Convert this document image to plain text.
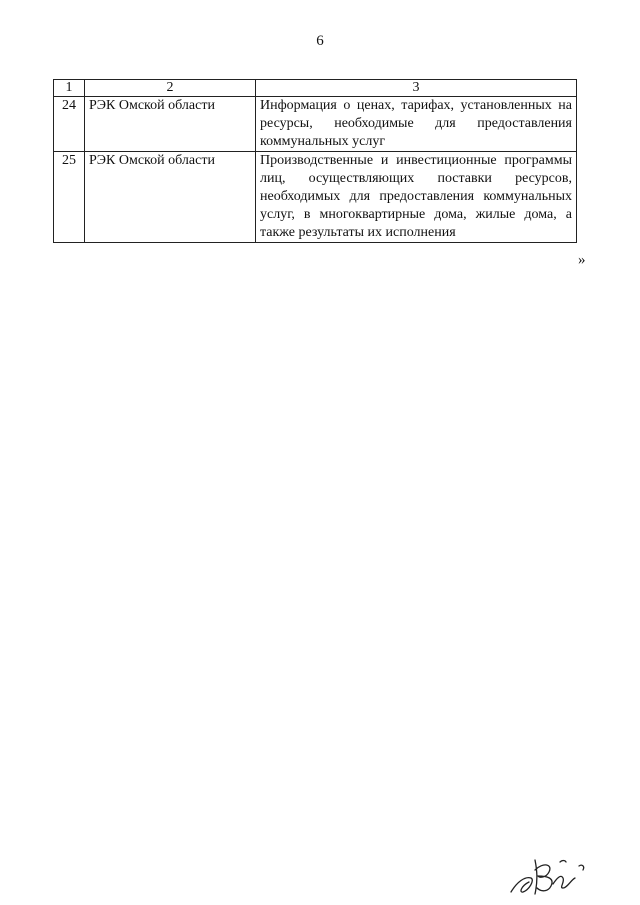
6
1	2	3
24	РЭК Омской области	Информация о ценах, тарифах, установленных на ресурсы, необходимые для предоставления коммунальных услуг
25	РЭК Омской области	Производственные и инвестиционные программы лиц, осуществляющих поставки ресурсов, необходимых для предоставления коммунальных услуг, в многоквартирные дома, жилые дома, а также результаты их исполнения
»
